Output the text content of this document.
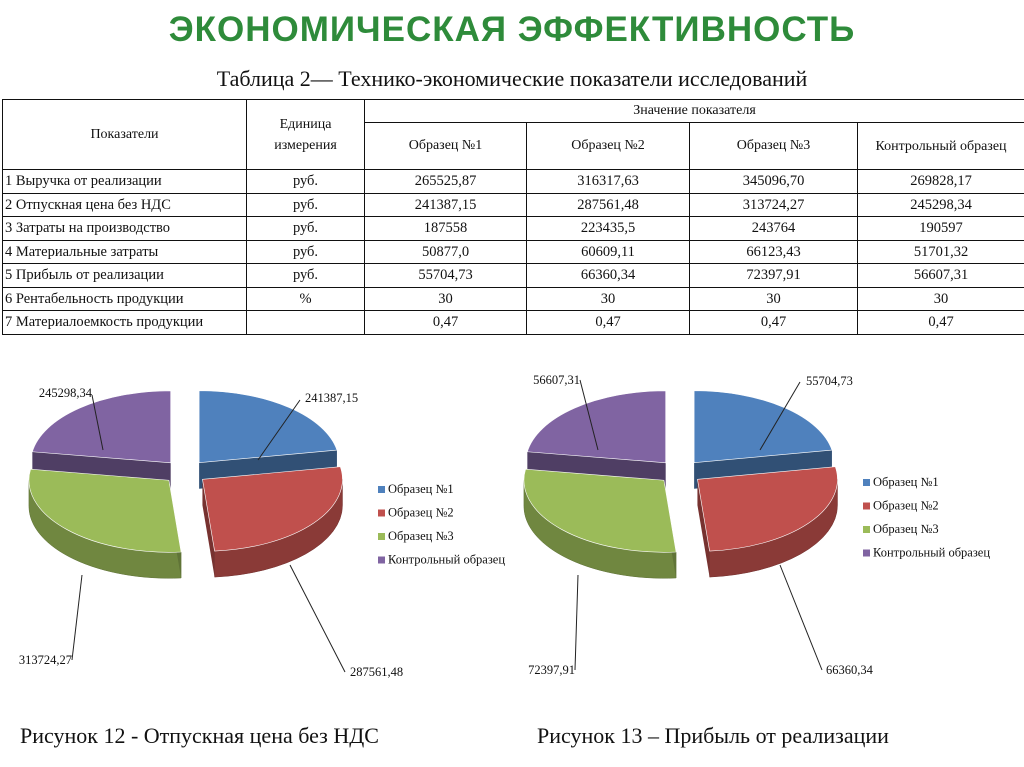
ЭКОНОМИЧЕСКАЯ ЭФФЕКТИВНОСТЬ
Таблица 2— Технико-экономические показатели исследований
Показатели	Единица измерения	Значение показателя			
		Образец №1	Образец №2	Образец №3	Контрольный образец
1 Выручка от реализации	руб.	265525,87	316317,63	345096,70	269828,17
2 Отпускная цена без НДС	руб.	241387,15	287561,48	313724,27	245298,34
3 Затраты на производство	руб.	187558	223435,5	243764	190597
4 Материальные затраты	руб.	50877,0	60609,11	66123,43	51701,32
5 Прибыль от реализации	руб.	55704,73	66360,34	72397,91	56607,31
6 Рентабельность продукции	%	30	30	30	30
7 Материалоемкость продукции		0,47	0,47	0,47	0,47
241387,15
287561,48
313724,27
245298,34
Образец №1
Образец №2
Образец №3
Контрольный образец
55704,73
66360,34
72397,91
56607,31
Образец №1
Образец №2
Образец №3
Контрольный образец
Рисунок 12 - Отпускная цена без НДС	Рисунок 13 – Прибыль от реализации
